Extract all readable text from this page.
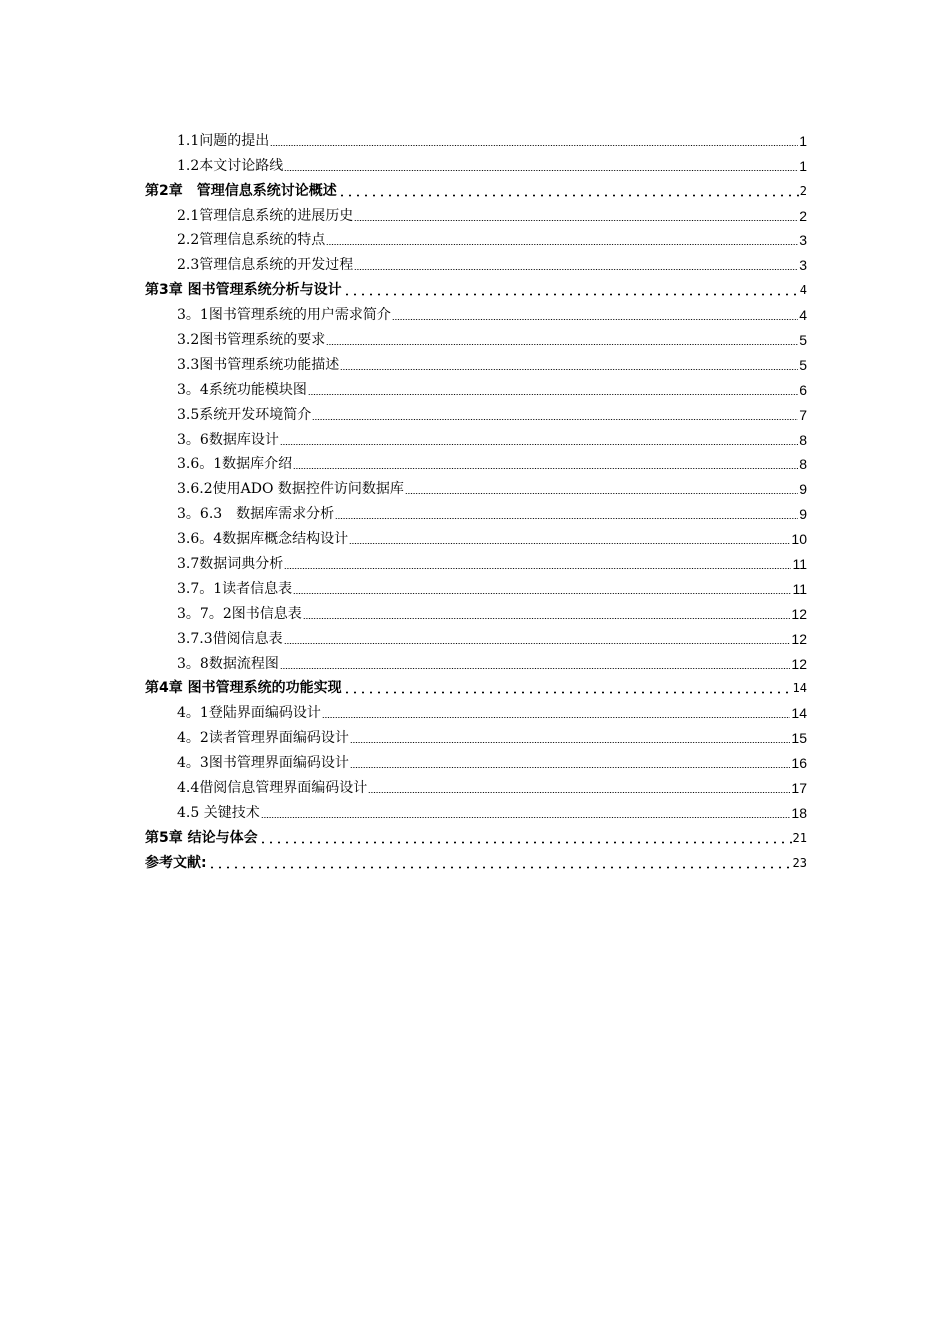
1.1问题的提出	1
1.2本文讨论路线	1
第2章　管理信息系统讨论概述	2
2.1管理信息系统的进展历史	2
2.2管理信息系统的特点	3
2.3管理信息系统的开发过程	3
第3章 图书管理系统分析与设计	4
3。1图书管理系统的用户需求简介	4
3.2图书管理系统的要求	5
3.3图书管理系统功能描述	5
3。4系统功能模块图	6
3.5系统开发环境简介	7
3。6数据库设计	8
3.6。1数据库介绍	8
3.6.2使用ADO 数据控件访问数据库	9
3。6.3　数据库需求分析	9
3.6。4数据库概念结构设计	10
3.7数据词典分析	11
3.7。1读者信息表	11
3。7。2图书信息表	12
3.7.3借阅信息表	12
3。8数据流程图	12
第4章 图书管理系统的功能实现	14
4。1登陆界面编码设计	14
4。2读者管理界面编码设计	15
4。3图书管理界面编码设计	16
4.4借阅信息管理界面编码设计	17
4.5 关键技术	18
第5章 结论与体会	21
参考文献:	23
